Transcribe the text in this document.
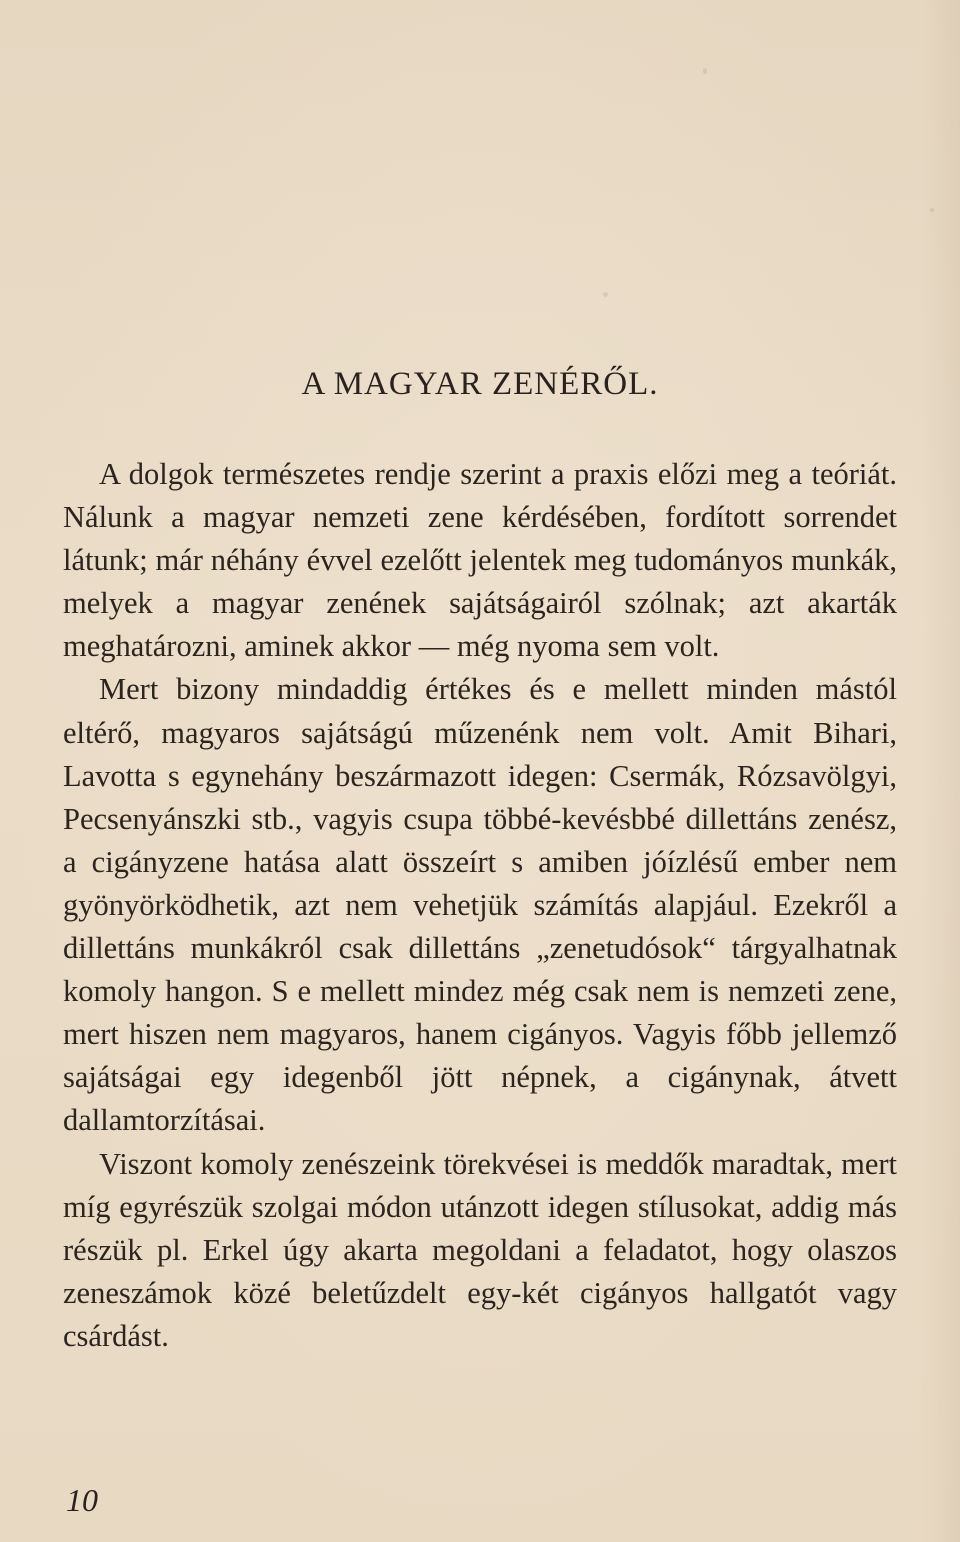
A MAGYAR ZENÉRŐL.

A dolgok természetes rendje szerint a praxis előzi meg a teóriát. Nálunk a magyar nemzeti zene kérdésében, fordított sorrendet látunk; már néhány évvel ezelőtt jelentek meg tudományos munkák, melyek a magyar zenének sajátságairól szólnak; azt akarták meghatározni, aminek akkor — még nyoma sem volt.

Mert bizony mindaddig értékes és e mellett minden mástól eltérő, magyaros sajátságú műzenénk nem volt. Amit Bihari, Lavotta s egynehány beszármazott idegen: Csermák, Rózsavölgyi, Pecsenyánszki stb., vagyis csupa többé-kevésbbé dillettáns zenész, a cigányzene hatása alatt összeírt s amiben jóízlésű ember nem gyönyörködhetik, azt nem vehetjük számítás alapjául. Ezekről a dillettáns munkákról csak dillettáns „zenetudósok“ tárgyalhatnak komoly hangon. S e mellett mindez még csak nem is nemzeti zene, mert hiszen nem magyaros, hanem cigányos. Vagyis főbb jellemző sajátságai egy idegenből jött népnek, a cigánynak, átvett dallamtorzításai.

Viszont komoly zenészeink törekvései is meddők maradtak, mert míg egyrészük szolgai módon utánzott idegen stílusokat, addig más részük pl. Erkel úgy akarta megoldani a feladatot, hogy olaszos zeneszámok közé beletűzdelt egy-két cigányos hallgatót vagy csárdást.

10
